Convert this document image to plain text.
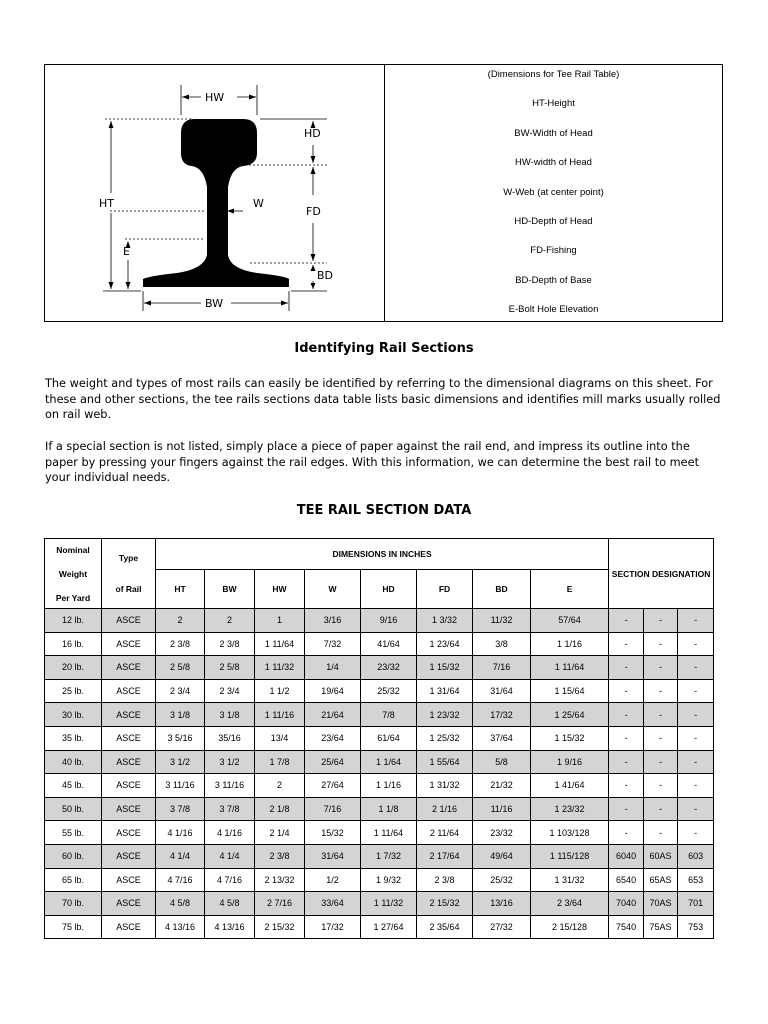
HW
HD
HT	W
FD
E
BD
BW
(Dimensions for Tee Rail Table)
HT-Height
BW-Width of Head
HW-width of Head
W-Web (at center point)
HD-Depth of Head
FD-Fishing
BD-Depth of Base
E-Bolt Hole Elevation
Identifying Rail Sections

The weight and types of most rails can easily be identified by referring to the dimensional diagrams on this sheet. For these and other sections, the tee rails sections data table lists basic dimensions and identifies mill marks usually rolled on rail web.

If a special section is not listed, simply place a piece of paper against the rail end, and impress its outline into the paper by pressing your fingers against the rail edges. With this information, we can determine the best rail to meet your individual needs.

TEE RAIL SECTION DATA
Nominal
Weight
Per Yard	Type
of Rail	DIMENSIONS IN INCHES								SECTION DESIGNATION		
		HT	BW	HW	W	HD	FD	BD	E			
12 lb.	ASCE	2	2	1	3/16	9/16	1 3/32	11/32	57/64	-	-	-
16 lb.	ASCE	2 3/8	2 3/8	1 11/64	7/32	41/64	1 23/64	3/8	1 1/16	-	-	-
20 lb.	ASCE	2 5/8	2 5/8	1 11/32	1/4	23/32	1 15/32	7/16	1 11/64	-	-	-
25 lb.	ASCE	2 3/4	2 3/4	1 1/2	19/64	25/32	1 31/64	31/64	1 15/64	-	-	-
30 lb.	ASCE	3 1/8	3 1/8	1 11/16	21/64	7/8	1 23/32	17/32	1 25/64	-	-	-
35 lb.	ASCE	3 5/16	35/16	13/4	23/64	61/64	1 25/32	37/64	1 15/32	-	-	-
40 lb.	ASCE	3 1/2	3 1/2	1 7/8	25/64	1 1/64	1 55/64	5/8	1 9/16	-	-	-
45 lb.	ASCE	3 11/16	3 11/16	2	27/64	1 1/16	1 31/32	21/32	1 41/64	-	-	-
50 lb.	ASCE	3 7/8	3 7/8	2 1/8	7/16	1 1/8	2 1/16	11/16	1 23/32	-	-	-
55 lb.	ASCE	4 1/16	4 1/16	2 1/4	15/32	1 11/64	2 11/64	23/32	1 103/128	-	-	-
60 lb.	ASCE	4 1/4	4 1/4	2 3/8	31/64	1 7/32	2 17/64	49/64	1 115/128	6040	60AS	603
65 lb.	ASCE	4 7/16	4 7/16	2 13/32	1/2	1 9/32	2 3/8	25/32	1 31/32	6540	65AS	653
70 lb.	ASCE	4 5/8	4 5/8	2 7/16	33/64	1 11/32	2 15/32	13/16	2 3/64	7040	70AS	701
75 lb.	ASCE	4 13/16	4 13/16	2 15/32	17/32	1 27/64	2 35/64	27/32	2 15/128	7540	75AS	753
